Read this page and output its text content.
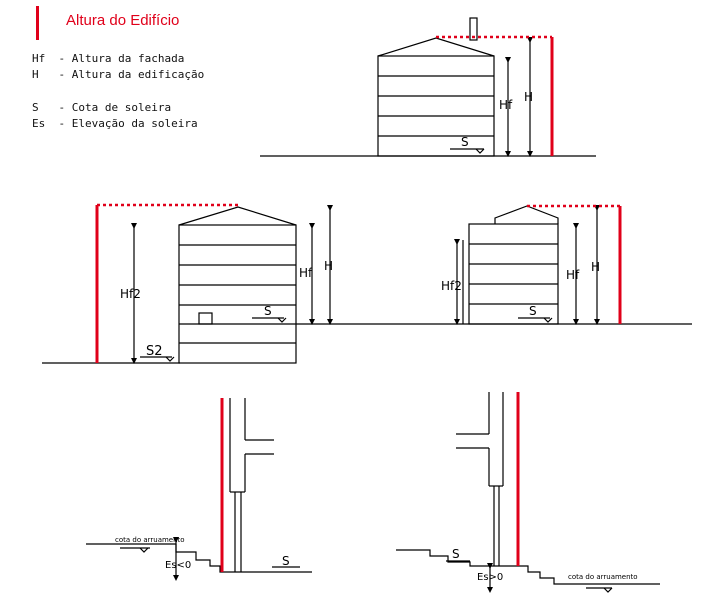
Altura do Edifício
Hf  - Altura da fachada
H   - Altura da edificação
S   - Cota de soleira
Es  - Elevação da soleira
Hf
H
S
Hf2
Hf H
S
S2
Hf2
Hf
H
S
cota do arruamento
Es<0	S	S
Es>0	cota do arruamento
